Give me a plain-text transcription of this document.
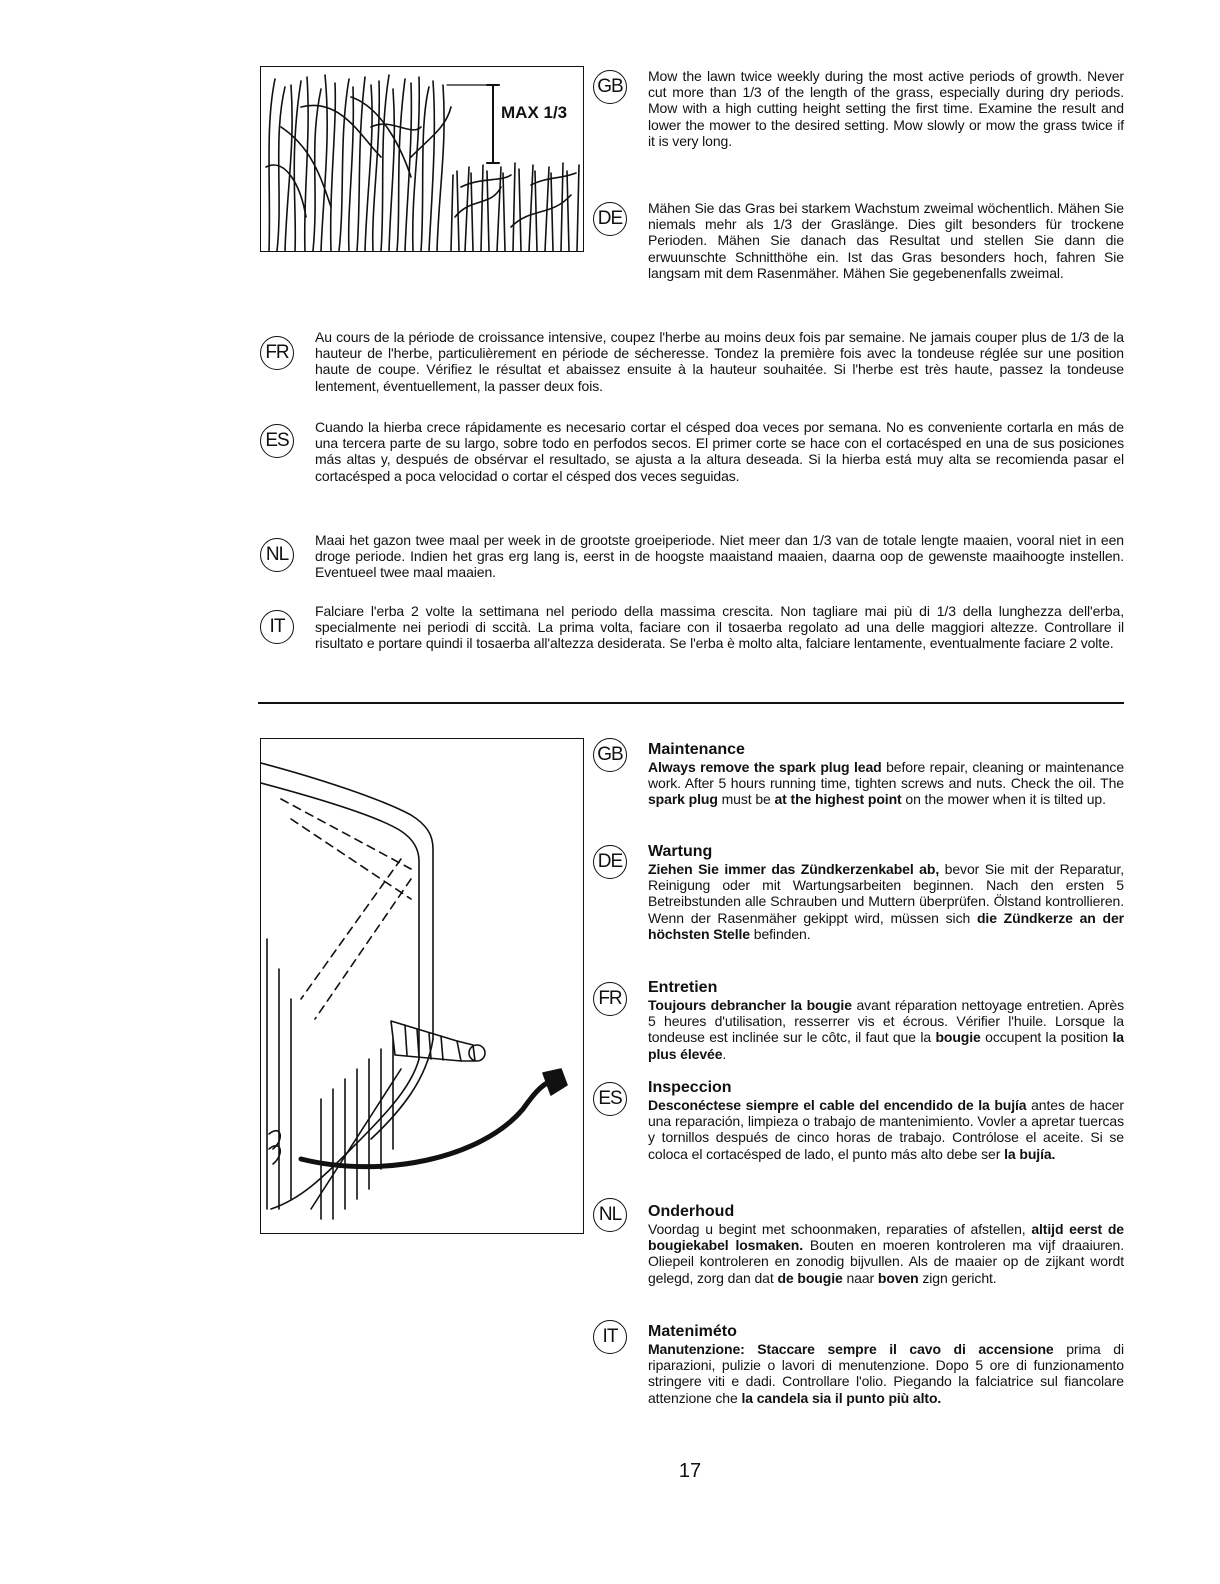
MAX 1/3
GB	Mow the lawn twice weekly during the most active periods of growth. Never cut more than 1/3 of the length of the grass, especially during dry periods. Mow with a high cutting height setting the first time. Examine the result and lower the mower to the desired setting. Mow slowly or mow the grass twice if it is very long.

DE	Mähen Sie das Gras bei starkem Wachstum zweimal wöchentlich. Mähen Sie niemals mehr als 1/3 der Graslänge. Dies gilt besonders für trockene Perioden. Mähen Sie danach das Resultat und stellen Sie dann die erwuunschte Schnitthöhe ein. Ist das Gras besonders hoch, fahren Sie langsam mit dem Rasenmäher. Mähen Sie gegebenenfalls zweimal.

FR

Au cours de la période de croissance intensive, coupez l'herbe au moins deux fois par semaine. Ne jamais couper plus de 1/3 de la hauteur de l'herbe, particulièrement en période de sécheresse. Tondez la première fois avec la tondeuse réglée sur une position haute de coupe. Vérifiez le résultat et abaissez ensuite à la hauteur souhaitée. Si l'herbe est très haute, passez la tondeuse lentement, éventuellement, la passer deux fois.

ES

Cuando la hierba crece rápidamente es necesario cortar el césped doa veces por semana. No es conveniente cortarla en más de una tercera parte de su largo, sobre todo en perfodos secos. El primer corte se hace con el cortacésped en una de sus posiciones más altas y, después de obsérvar el resultado, se ajusta a la altura deseada. Si la hierba está muy alta se recomienda pasar el cortacésped a poca velocidad o cortar el césped dos veces seguidas.

NL

Maai het gazon twee maal per week in de grootste groeiperiode. Niet meer dan 1/3 van de totale lengte maaien, vooral niet in een droge periode. Indien het gras erg lang is, eerst in de hoogste maaistand maaien, daarna oop de gewenste maaihoogte instellen. Eventueel twee maal maaien.

IT

Falciare l'erba 2 volte la settimana nel periodo della massima crescita. Non tagliare mai più di 1/3 della lunghezza dell'erba, specialmente nei periodi di sccità. La prima volta, faciare con il tosaerba regolato ad una delle maggiori altezze. Controllare il risultato e portare quindi il tosaerba all'altezza desiderata. Se l'erba è molto alta, falciare lentamente, eventualmente faciare 2 volte.

GB Maintenance

Always remove the spark plug lead before repair, cleaning or maintenance work. After 5 hours running time, tighten screws and nuts. Check the oil. The spark plug must be at the highest point on the mower when it is tilted up.

DE Wartung

Ziehen Sie immer das Zündkerzenkabel ab, bevor Sie mit der Reparatur, Reinigung oder mit Wartungsarbeiten beginnen. Nach den ersten 5 Betreibstunden alle Schrauben und Muttern überprüfen. Ölstand kontrollieren. Wenn der Rasenmäher gekippt wird, müssen sich die Zündkerze an der höchsten Stelle befinden.

FR

Entretien

Toujours debrancher la bougie avant réparation nettoyage entretien. Après 5 heures d'utilisation, resserrer vis et écrous. Vérifier l'huile. Lorsque la tondeuse est inclinée sur le côtc, il faut que la bougie occupent la position la plus élevée.

ES

Inspeccion

Desconéctese siempre el cable del encendido de la bujía antes de hacer una reparación, limpieza o trabajo de mantenimiento. Vovler a apretar tuercas y tornillos después de cinco horas de trabajo. Contrólose el aceite. Si se coloca el cortacésped de lado, el punto más alto debe ser la bujía.

NL	Onderhoud

Voordag u begint met schoonmaken, reparaties of afstellen, altijd eerst de bougiekabel losmaken. Bouten en moeren kontroleren ma vijf draaiuren. Oliepeil kontroleren en zonodig bijvullen. Als de maaier op de zijkant wordt gelegd, zorg dan dat de bougie naar boven zign gericht.

IT	Mateniméto

Manutenzione: Staccare sempre il cavo di accensione prima di riparazioni, pulizie o lavori di menutenzione. Dopo 5 ore di funzionamento stringere viti e dadi. Controllare l'olio. Piegando la falciatrice sul fiancolare attenzione che la candela sia il punto più alto.

17
